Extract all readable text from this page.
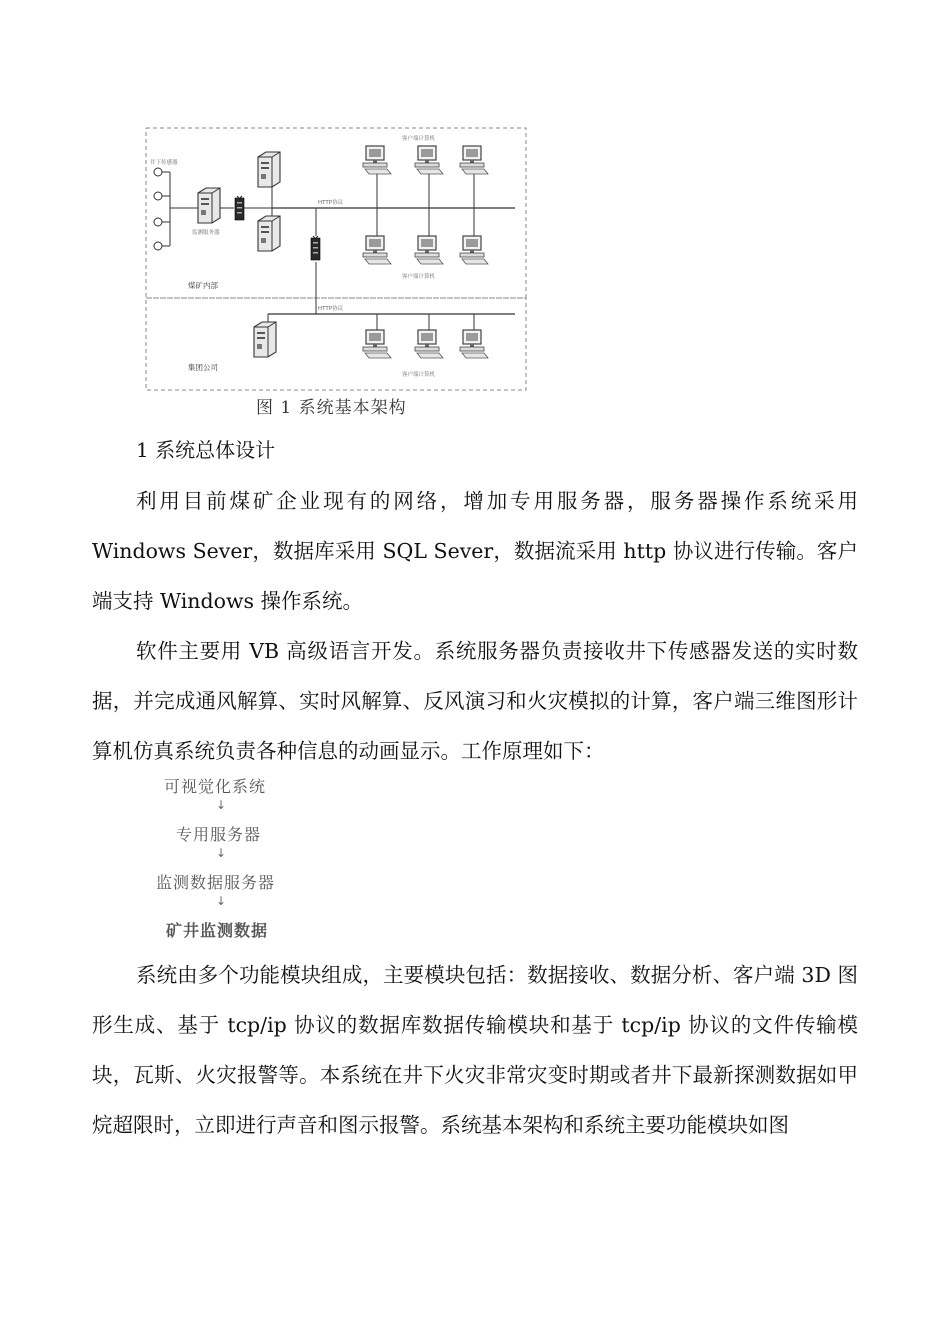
井下传感器
监测服务器
HTTP协议
客户端计算机
客户端计算机
煤矿内部
HTTP协议
客户端计算机
集团公司
图 1 系统基本架构
1 系统总体设计
利用目前煤矿企业现有的网络，增加专用服务器，服务器操作系统采用 Windows Sever，数据库采用 SQL Sever，数据流采用 http 协议进行传输。客户端支持 Windows 操作系统。
软件主要用 VB 高级语言开发。系统服务器负责接收井下传感器发送的实时数据，并完成通风解算、实时风解算、反风演习和火灾模拟的计算，客户端三维图形计算机仿真系统负责各种信息的动画显示。工作原理如下：
可视觉化系统
↓
专用服务器
↓
监测数据服务器
↓
矿井监测数据
系统由多个功能模块组成，主要模块包括：数据接收、数据分析、客户端 3D 图形生成、基于 tcp/ip 协议的数据库数据传输模块和基于 tcp/ip 协议的文件传输模块，瓦斯、火灾报警等。本系统在井下火灾非常灾变时期或者井下最新探测数据如甲烷超限时，立即进行声音和图示报警。系统基本架构和系统主要功能模块如图
